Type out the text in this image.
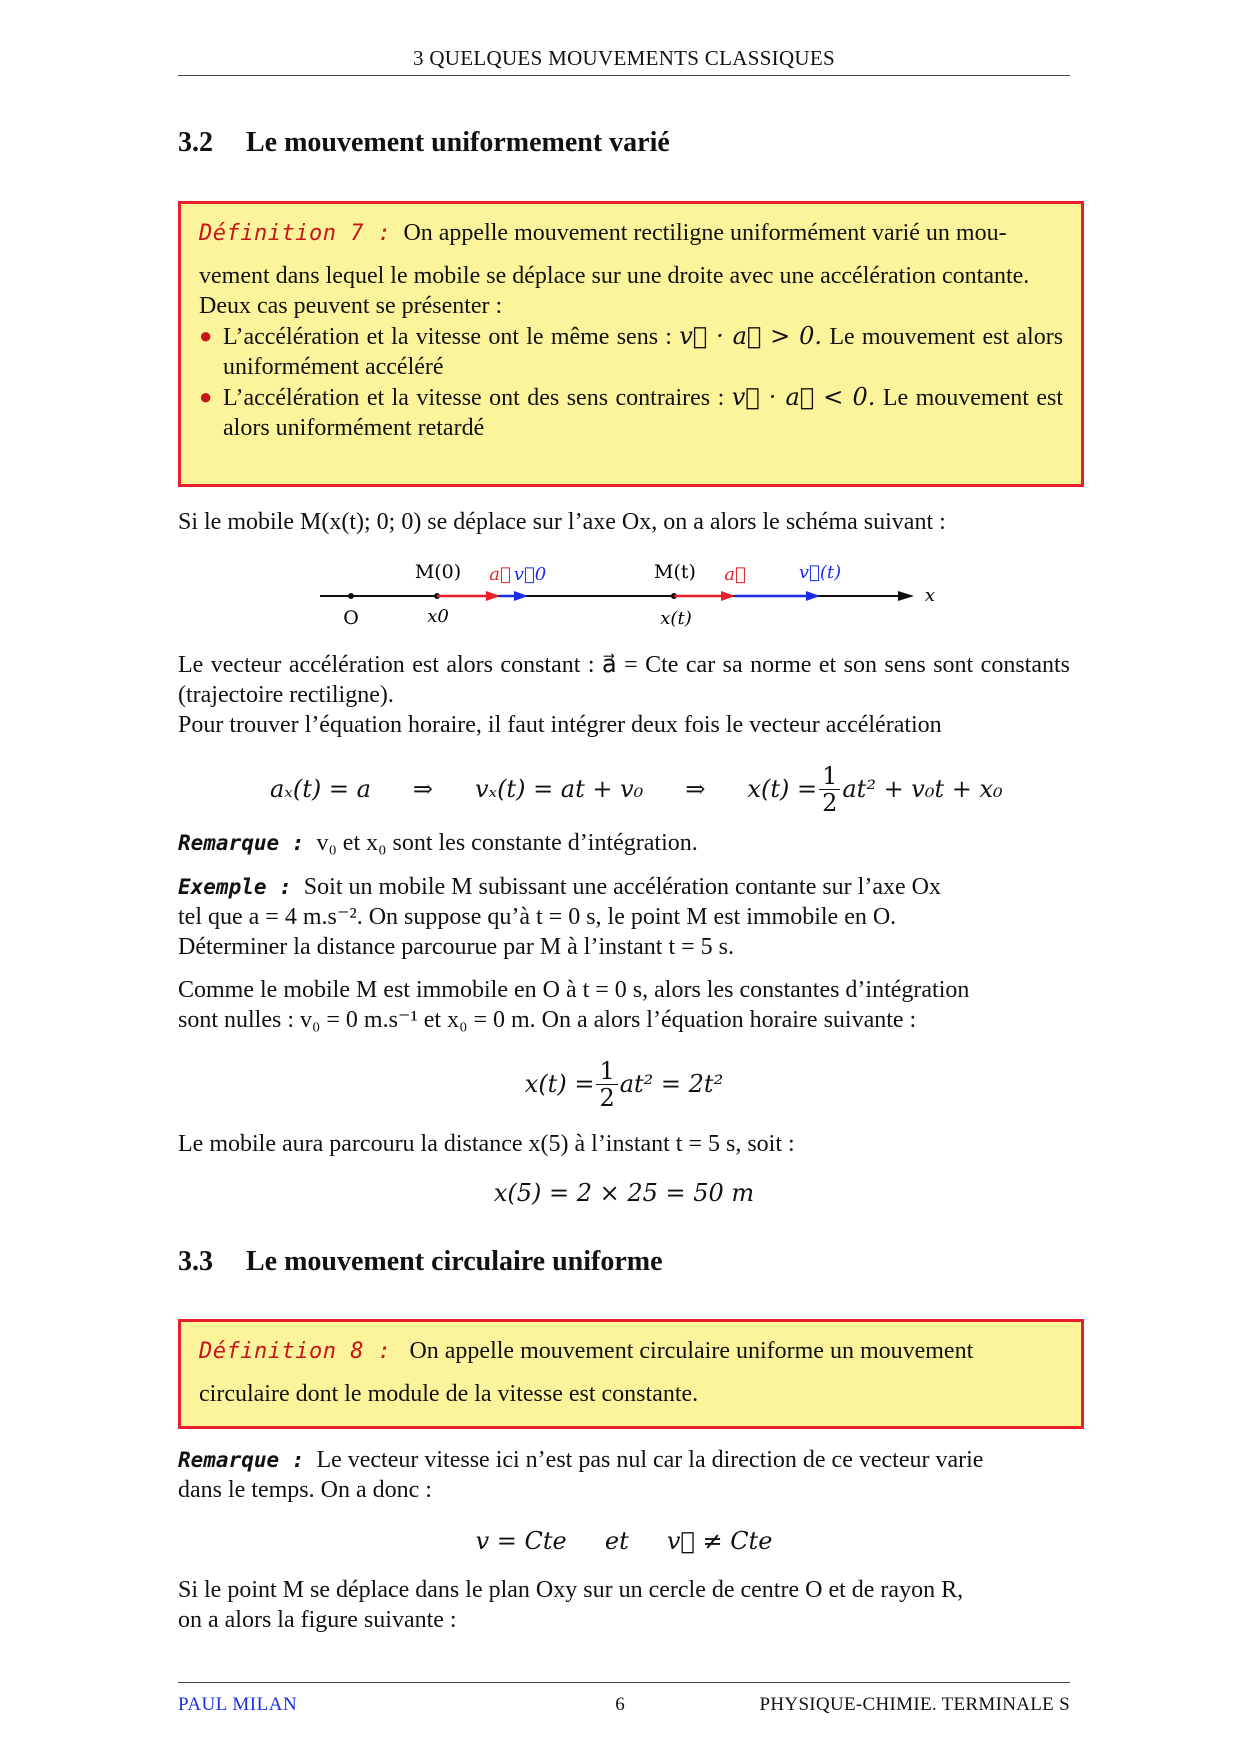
3 QUELQUES MOUVEMENTS CLASSIQUES
3.2 Le mouvement uniformement varié
Définition 7 : On appelle mouvement rectiligne uniformément varié un mou-
vement dans lequel le mobile se déplace sur une droite avec une accélération contante.
Deux cas peuvent se présenter :
● L’accélération et la vitesse ont le même sens : v⃗ · a⃗ > 0. Le mouvement est alors uniformément accéléré
● L’accélération et la vitesse ont des sens contraires : v⃗ · a⃗ < 0. Le mouvement est alors uniformément retardé
Si le mobile M(x(t); 0; 0) se déplace sur l’axe Ox, on a alors le schéma suivant :
M(0)
O	x0
a⃗ v⃗0	M(t)
x(t)
a⃗	v⃗(t)
x
Le vecteur accélération est alors constant : a⃗ = Cte car sa norme et son sens sont constants (trajectoire rectiligne).
Pour trouver l’équation horaire, il faut intégrer deux fois le vecteur accélération
aₓ(t) = a ⇒ vₓ(t) = at + v₀ ⇒ $x(t) = \frac{1}{2} at^2 + v_0t + x_0$
Remarque : v₀ et x₀ sont les constante d’intégration.
Exemple : Soit un mobile M subissant une accélération contante sur l’axe Ox
tel que a = 4 m.s⁻². On suppose qu’à t = 0 s, le point M est immobile en O.
Déterminer la distance parcourue par M à l’instant t = 5 s.
Comme le mobile M est immobile en O à t = 0 s, alors les constantes d’intégration
sont nulles : v₀ = 0 m.s⁻¹ et x₀ = 0 m. On a alors l’équation horaire suivante :
$x(t) = \frac{1}{2} at^2 = 2t^2$
Le mobile aura parcouru la distance x(5) à l’instant t = 5 s, soit :
x(5) = 2 × 25 = 50 m
3.3 Le mouvement circulaire uniforme
Définition 8 : On appelle mouvement circulaire uniforme un mouvement
circulaire dont le module de la vitesse est constante.
Remarque : Le vecteur vitesse ici n’est pas nul car la direction de ce vecteur varie
dans le temps. On a donc :
v = Cte     et     v⃗ ≠ Cte
Si le point M se déplace dans le plan Oxy sur un cercle de centre O et de rayon R,
on a alors la figure suivante :
PAUL MILAN	6	PHYSIQUE-CHIMIE. TERMINALE S
